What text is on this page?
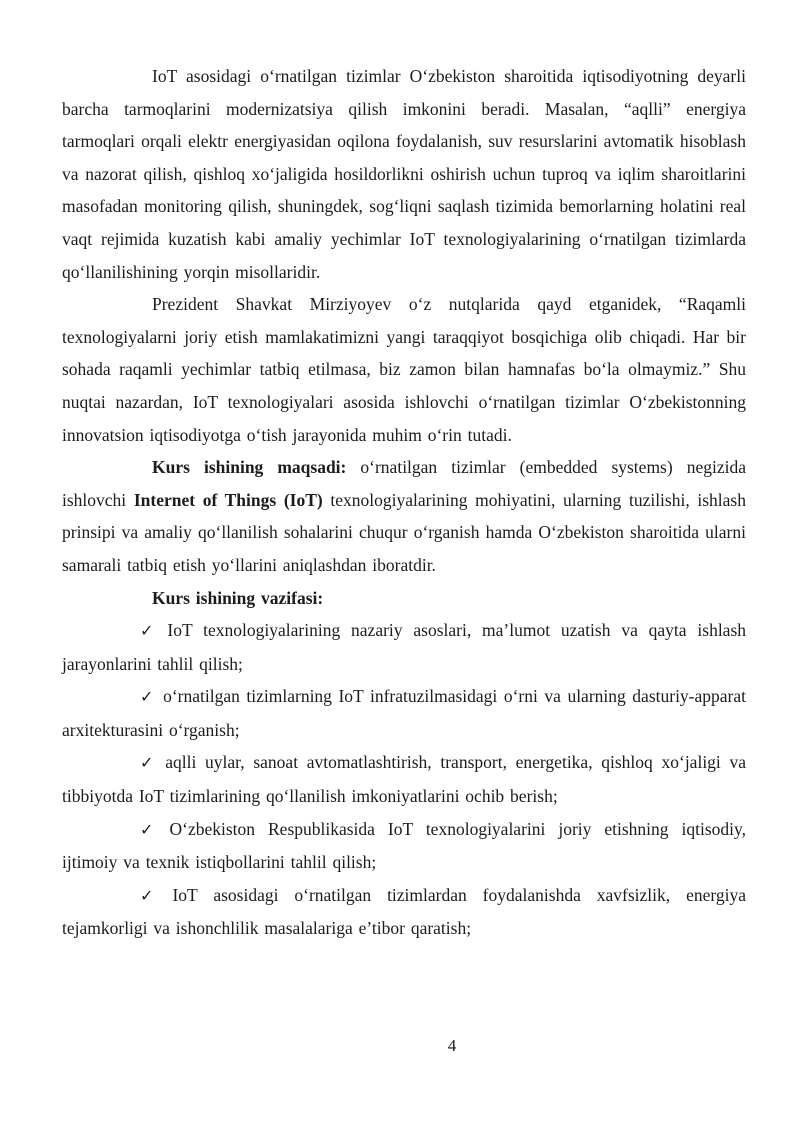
IoT asosidagi oʻrnatilgan tizimlar Oʻzbekiston sharoitida iqtisodiyotning deyarli barcha tarmoqlarini modernizatsiya qilish imkonini beradi. Masalan, “aqlli” energiya tarmoqlari orqali elektr energiyasidan oqilona foydalanish, suv resurslarini avtomatik hisoblash va nazorat qilish, qishloq xoʻjaligida hosildorlikni oshirish uchun tuproq va iqlim sharoitlarini masofadan monitoring qilish, shuningdek, sogʻliqni saqlash tizimida bemorlarning holatini real vaqt rejimida kuzatish kabi amaliy yechimlar IoT texnologiyalarining oʻrnatilgan tizimlarda qoʻllanilishining yorqin misollaridir.

Prezident Shavkat Mirziyoyev oʻz nutqlarida qayd etganidek, “Raqamli texnologiyalarni joriy etish mamlakatimizni yangi taraqqiyot bosqichiga olib chiqadi. Har bir sohada raqamli yechimlar tatbiq etilmasa, biz zamon bilan hamnafas boʻla olmaymiz.” Shu nuqtai nazardan, IoT texnologiyalari asosida ishlovchi oʻrnatilgan tizimlar Oʻzbekistonning innovatsion iqtisodiyotga oʻtish jarayonida muhim oʻrin tutadi.

Kurs ishining maqsadi: oʻrnatilgan tizimlar (embedded systems) negizida ishlovchi Internet of Things (IoT) texnologiyalarining mohiyatini, ularning tuzilishi, ishlash prinsipi va amaliy qoʻllanilish sohalarini chuqur oʻrganish hamda Oʻzbekiston sharoitida ularni samarali tatbiq etish yoʻllarini aniqlashdan iboratdir.

Kurs ishining vazifasi:

✓ IoT texnologiyalarining nazariy asoslari, ma’lumot uzatish va qayta ishlash jarayonlarini tahlil qilish;

✓ oʻrnatilgan tizimlarning IoT infratuzilmasidagi oʻrni va ularning dasturiy-apparat arxitekturasini oʻrganish;

✓ aqlli uylar, sanoat avtomatlashtirish, transport, energetika, qishloq xoʻjaligi va tibbiyotda IoT tizimlarining qoʻllanilish imkoniyatlarini ochib berish;

✓ Oʻzbekiston Respublikasida IoT texnologiyalarini joriy etishning iqtisodiy, ijtimoiy va texnik istiqbollarini tahlil qilish;

✓ IoT asosidagi oʻrnatilgan tizimlardan foydalanishda xavfsizlik, energiya tejamkorligi va ishonchlilik masalalariga e’tibor qaratish;

4
